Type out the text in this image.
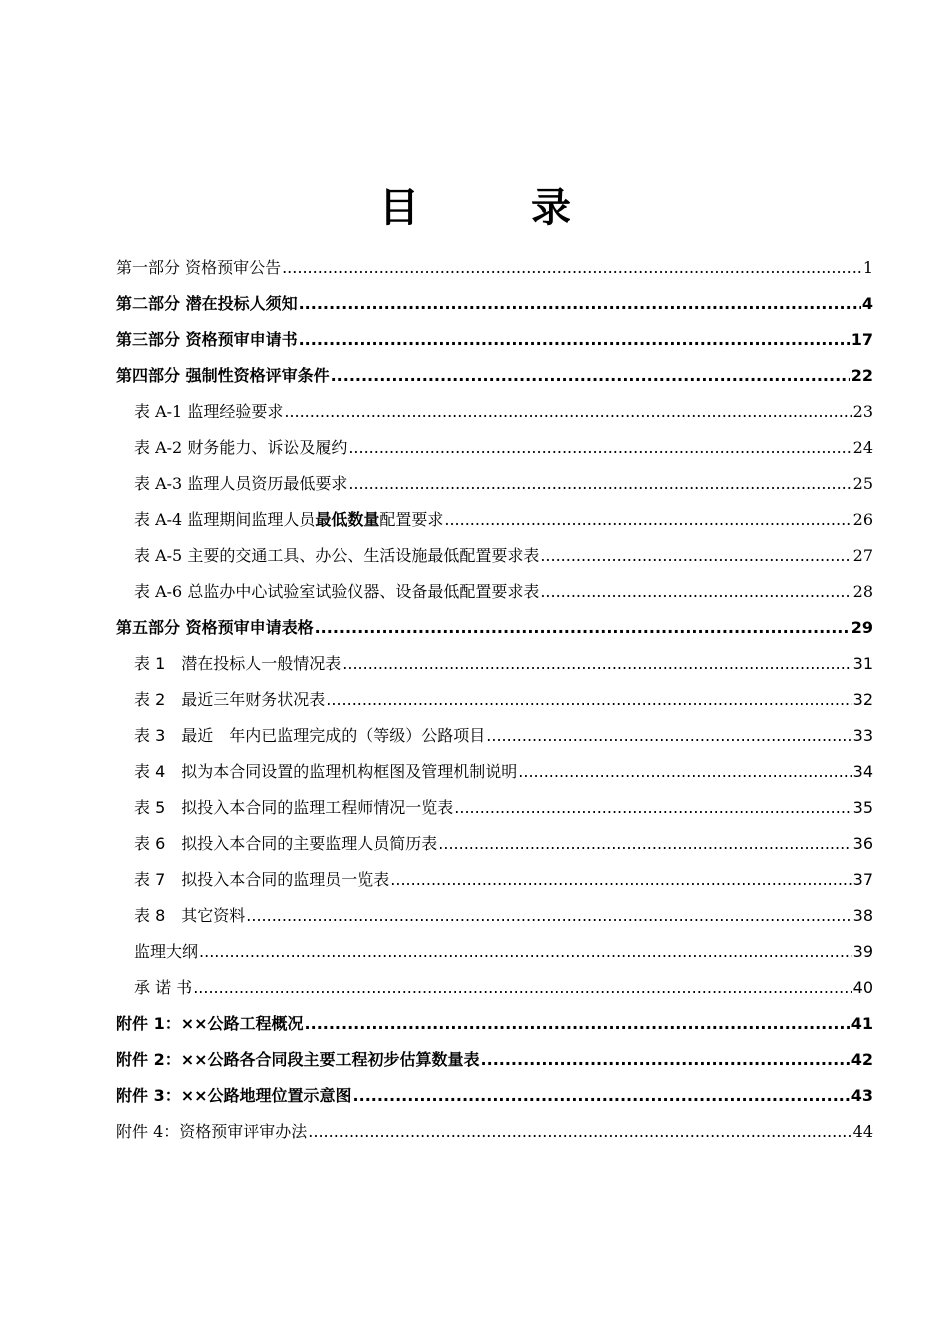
目　录
第一部分 资格预审公告 .....	1
第二部分 潜在投标人须知 .....	4
第三部分 资格预审申请书 .....	17
第四部分 强制性资格评审条件 .....	22
表 A-1 监理经验要求 .....	23
表 A-2 财务能力、诉讼及履约 .....	24
表 A-3 监理人员资历最低要求 .....	25
表 A-4 监理期间监理人员最低数量配置要求 .....	26
表 A-5 主要的交通工具、办公、生活设施最低配置要求表 .....	27
表 A-6 总监办中心试验室试验仪器、设备最低配置要求表 .....	28
第五部分 资格预审申请表格 .....	29
表 1　潜在投标人一般情况表 .....	31
表 2　最近三年财务状况表 .....	32
表 3　最近　年内已监理完成的（等级）公路项目 .....	33
表 4　拟为本合同设置的监理机构框图及管理机制说明 .....	34
表 5　拟投入本合同的监理工程师情况一览表 .....	35
表 6　拟投入本合同的主要监理人员简历表 .....	36
表 7　拟投入本合同的监理员一览表 .....	37
表 8　其它资料 .....	38
监理大纲 .....	39
承 诺 书 .....	40
附件 1：××公路工程概况 .....	41
附件 2：××公路各合同段主要工程初步估算数量表 .....	42
附件 3：××公路地理位置示意图 .....	43
附件 4：资格预审评审办法 .....	44
